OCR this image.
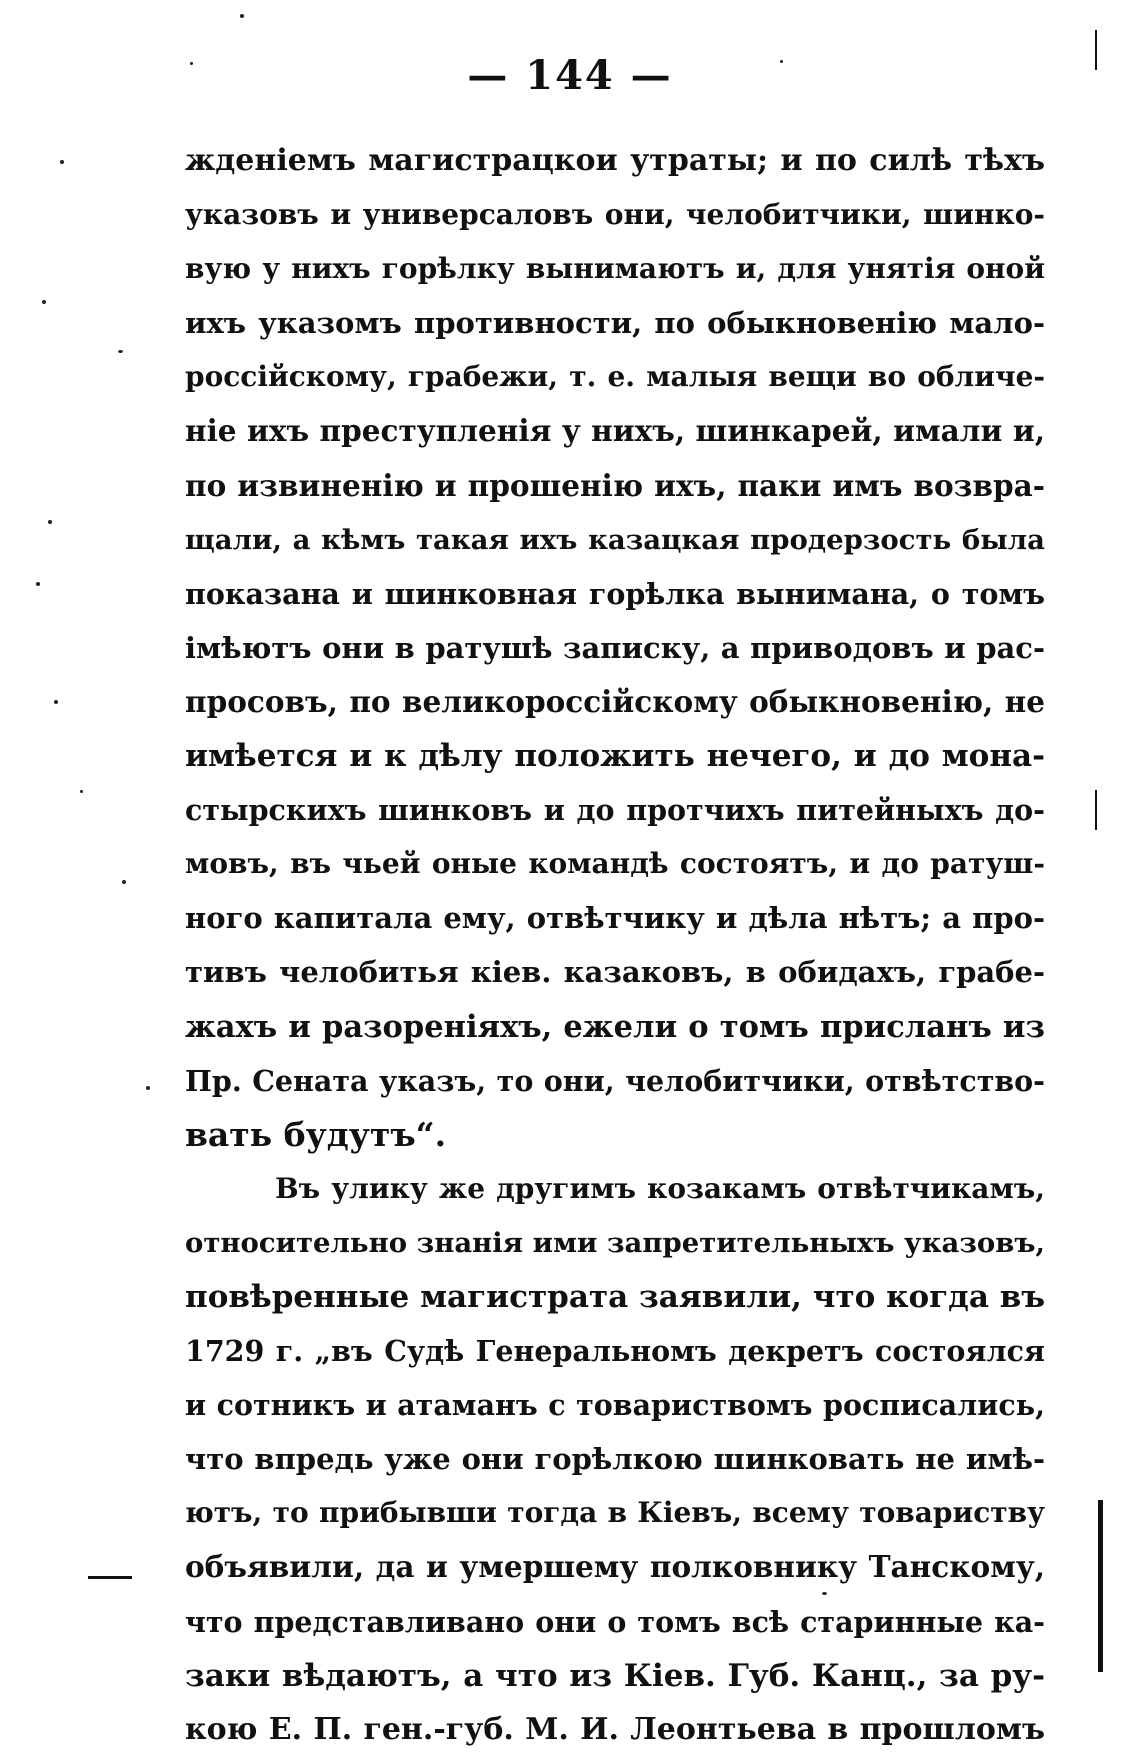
— 144 —
жденіемъ магистрацкои утраты; и по силѣ тѣхъ
указовъ и универсаловъ они, челобитчики, шинко-
вую у нихъ горѣлку вынимаютъ и, для унятія оной
ихъ указомъ противности, по обыкновенію мало-
россійскому, грабежи, т. е. малыя вещи во обличе-
ніе ихъ преступленія у нихъ, шинкарей, имали и,
по извиненію и прошенію ихъ, паки имъ возвра-
щали, а кѣмъ такая ихъ казацкая продерзость была
показана и шинковная горѣлка вынимана, о томъ
імѣютъ они в ратушѣ записку, а приводовъ и рас-
просовъ, по великороссійскому обыкновенію, не
имѣется и к дѣлу положить нечего, и до мона-
стырскихъ шинковъ и до протчихъ питейныхъ до-
мовъ, въ чьей оные командѣ состоятъ, и до ратуш-
ного капитала ему, отвѣтчику и дѣла нѣтъ; а про-
тивъ челобитья кіев. казаковъ, в обидахъ, грабе-
жахъ и разореніяхъ, ежели о томъ присланъ из
Пр. Сената указъ, то они, челобитчики, отвѣтство-
вать будутъ“.
Въ улику же другимъ козакамъ отвѣтчикамъ,
относительно знанія ими запретительныхъ указовъ,
повѣренные магистрата заявили, что когда въ
1729 г. „въ Судѣ Генеральномъ декретъ состоялся
и сотникъ и атаманъ с товариствомъ росписались,
что впредь уже они горѣлкою шинковать не имѣ-
ютъ, то прибывши тогда в Кіевъ, всему товариству
объявили, да и умершему полковнику Танскому,
что представливано они о томъ всѣ старинные ка-
заки вѣдаютъ, а что из Кіев. Губ. Канц., за ру-
кою Е. П. ген.-губ. М. И. Леонтьева в прошломъ
